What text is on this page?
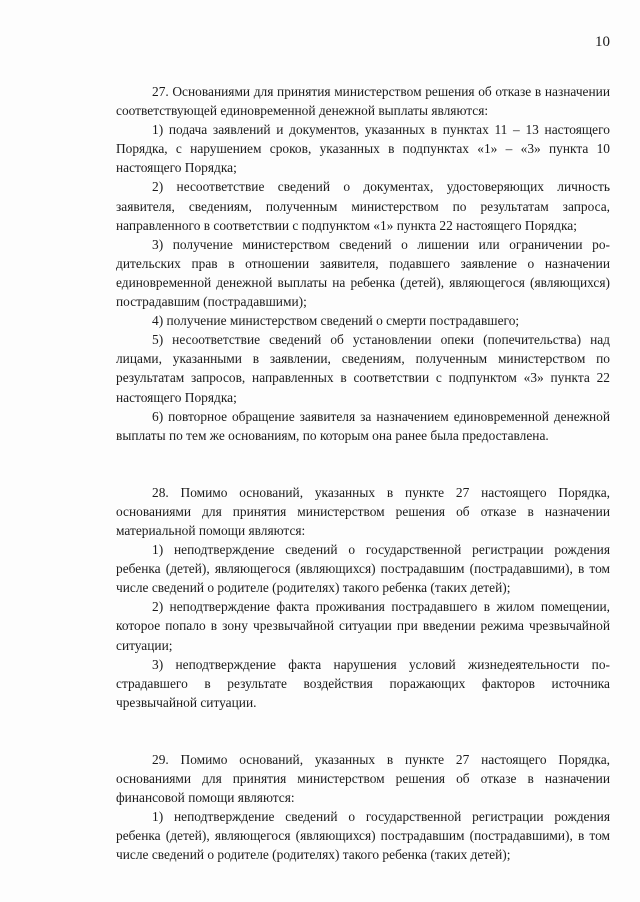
10

27. Основаниями для принятия министерством решения об отказе в назначении соответствующей единовременной денежной выплаты являются:

1) подача заявлений и документов, указанных в пунктах 11 – 13 настоящего Порядка, с нарушением сроков, указанных в подпунктах «1» – «3» пункта 10 настоящего Порядка;

2) несоответствие сведений о документах, удостоверяющих личность заявителя, сведениям, полученным министерством по результатам запроса, направленного в соответствии с подпунктом «1» пункта 22 настоящего Порядка;

3) получение министерством сведений о лишении или ограничении родительских прав в отношении заявителя, подавшего заявление о назначении единовременной денежной выплаты на ребенка (детей), являющегося (являющихся) пострадавшим (пострадавшими);

4) получение министерством сведений о смерти пострадавшего;

5) несоответствие сведений об установлении опеки (попечительства) над лицами, указанными в заявлении, сведениям, полученным министерством по результатам запросов, направленных в соответствии с подпунктом «3» пункта 22 настоящего Порядка;

6) повторное обращение заявителя за назначением единовременной денежной выплаты по тем же основаниям, по которым она ранее была предоставлена.

28. Помимо оснований, указанных в пункте 27 настоящего Порядка, основаниями для принятия министерством решения об отказе в назначении материальной помощи являются:

1) неподтверждение сведений о государственной регистрации рождения ребенка (детей), являющегося (являющихся) пострадавшим (пострадавшими), в том числе сведений о родителе (родителях) такого ребенка (таких детей);

2) неподтверждение факта проживания пострадавшего в жилом помещении, которое попало в зону чрезвычайной ситуации при введении режима чрезвычайной ситуации;

3) неподтверждение факта нарушения условий жизнедеятельности пострадавшего в результате воздействия поражающих факторов источника чрезвычайной ситуации.

29. Помимо оснований, указанных в пункте 27 настоящего Порядка, основаниями для принятия министерством решения об отказе в назначении финансовой помощи являются:

1) неподтверждение сведений о государственной регистрации рождения ребенка (детей), являющегося (являющихся) пострадавшим (пострадавшими), в том числе сведений о родителе (родителях) такого ребенка (таких детей);
